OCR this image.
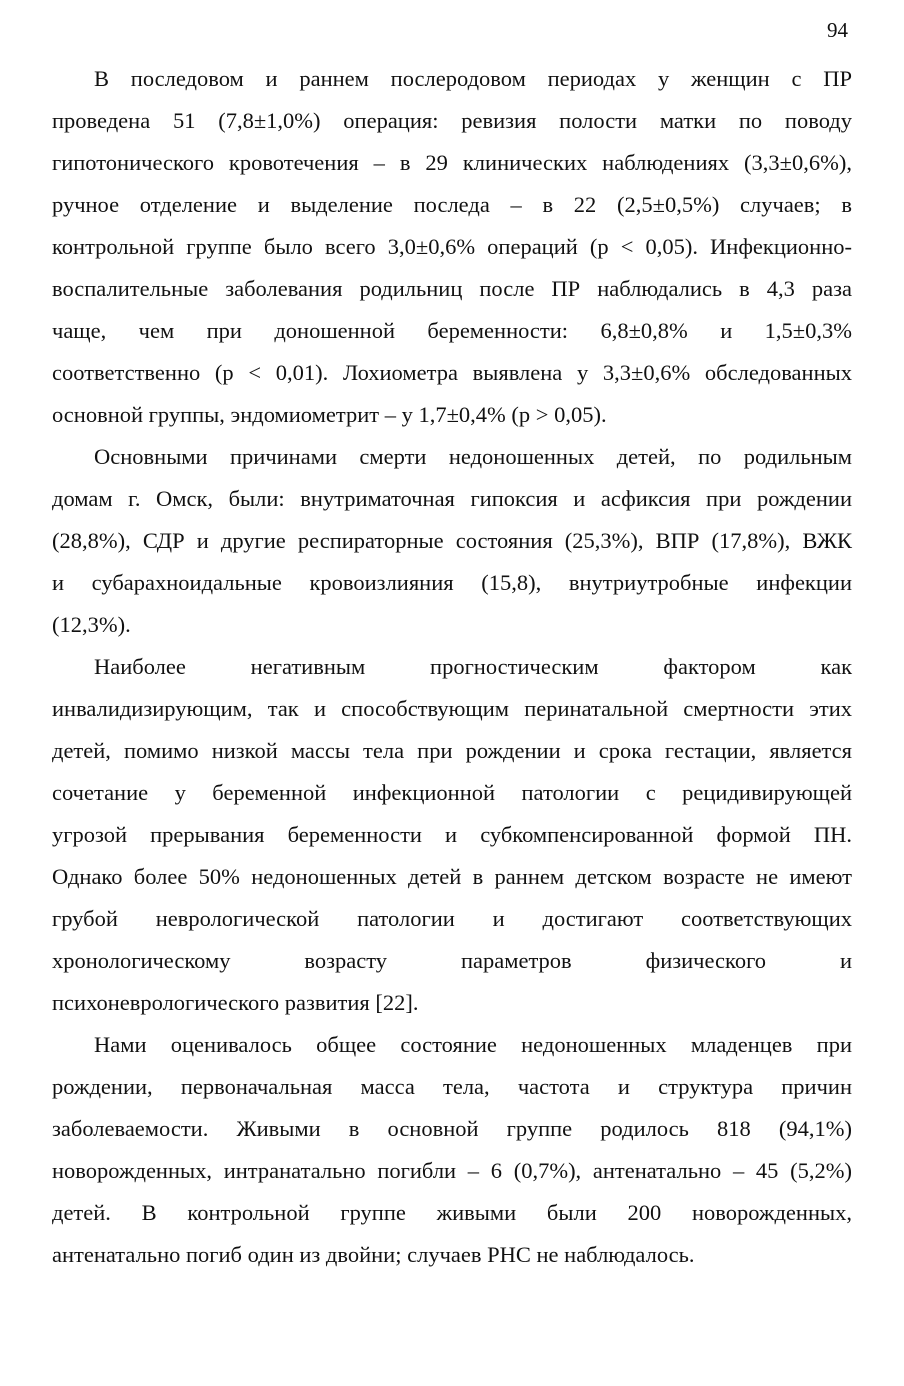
94
В последовом и раннем послеродовом периодах у женщин с ПР
проведена 51 (7,8±1,0%) операция: ревизия полости матки по поводу
гипотонического кровотечения – в 29 клинических наблюдениях (3,3±0,6%),
ручное отделение и выделение последа – в 22 (2,5±0,5%) случаев; в
контрольной группе было всего 3,0±0,6% операций (р < 0,05). Инфекционно-
воспалительные заболевания родильниц после ПР наблюдались в 4,3 раза
чаще, чем при доношенной беременности: 6,8±0,8% и 1,5±0,3%
соответственно (р < 0,01). Лохиометра выявлена у 3,3±0,6% обследованных
основной группы, эндомиометрит – у 1,7±0,4% (р > 0,05).
Основными причинами смерти недоношенных детей, по родильным
домам г. Омск, были: внутриматочная гипоксия и асфиксия при рождении
(28,8%), СДР и другие респираторные состояния (25,3%), ВПР (17,8%), ВЖК
и субарахноидальные кровоизлияния (15,8), внутриутробные инфекции
(12,3%).
Наиболее негативным прогностическим фактором как
инвалидизирующим, так и способствующим перинатальной смертности этих
детей, помимо низкой массы тела при рождении и срока гестации, является
сочетание у беременной инфекционной патологии с рецидивирующей
угрозой прерывания беременности и субкомпенсированной формой ПН.
Однако более 50% недоношенных детей в раннем детском возрасте не имеют
грубой неврологической патологии и достигают соответствующих
хронологическому возрасту параметров физического и
психоневрологического развития [22].
Нами оценивалось общее состояние недоношенных младенцев при
рождении, первоначальная масса тела, частота и структура причин
заболеваемости. Живыми в основной группе родилось 818 (94,1%)
новорожденных, интранатально погибли – 6 (0,7%), антенатально – 45 (5,2%)
детей. В контрольной группе живыми были 200 новорожденных,
антенатально погиб один из двойни; случаев РНС не наблюдалось.
